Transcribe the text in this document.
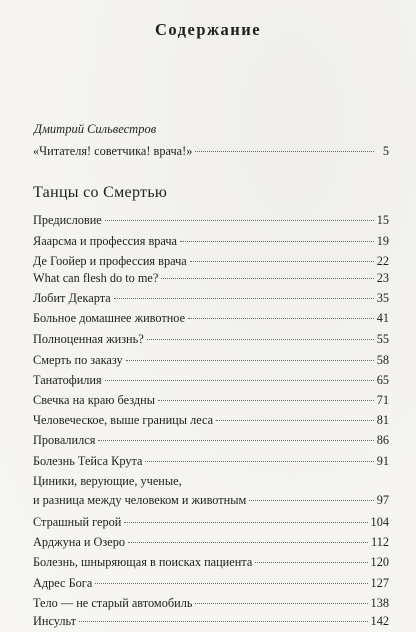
Содержание
Дмитрий Сильвестров
«Читателя! советчика! врача!»	5
Танцы со Смертью
Предисловие	15
Яаарсма и профессия врача	19
Де Гоойер и профессия врача	22
What can flesh do to me?	23
Лобит Декарта	35
Больное домашнее животное	41
Полноценная жизнь?	55
Смерть по заказу	58
Танатофилия	65
Свечка на краю бездны	71
Человеческое, выше границы леса	81
Провалился	86
Болезнь Тейса Крута	91
Циники, верующие, ученые,
и разница между человеком и животным	97
Страшный герой	104
Арджуна и Озеро	112
Болезнь, шныряющая в поисках пациента	120
Адрес Бога	127
Тело — не старый автомобиль	138
Инсульт	142
